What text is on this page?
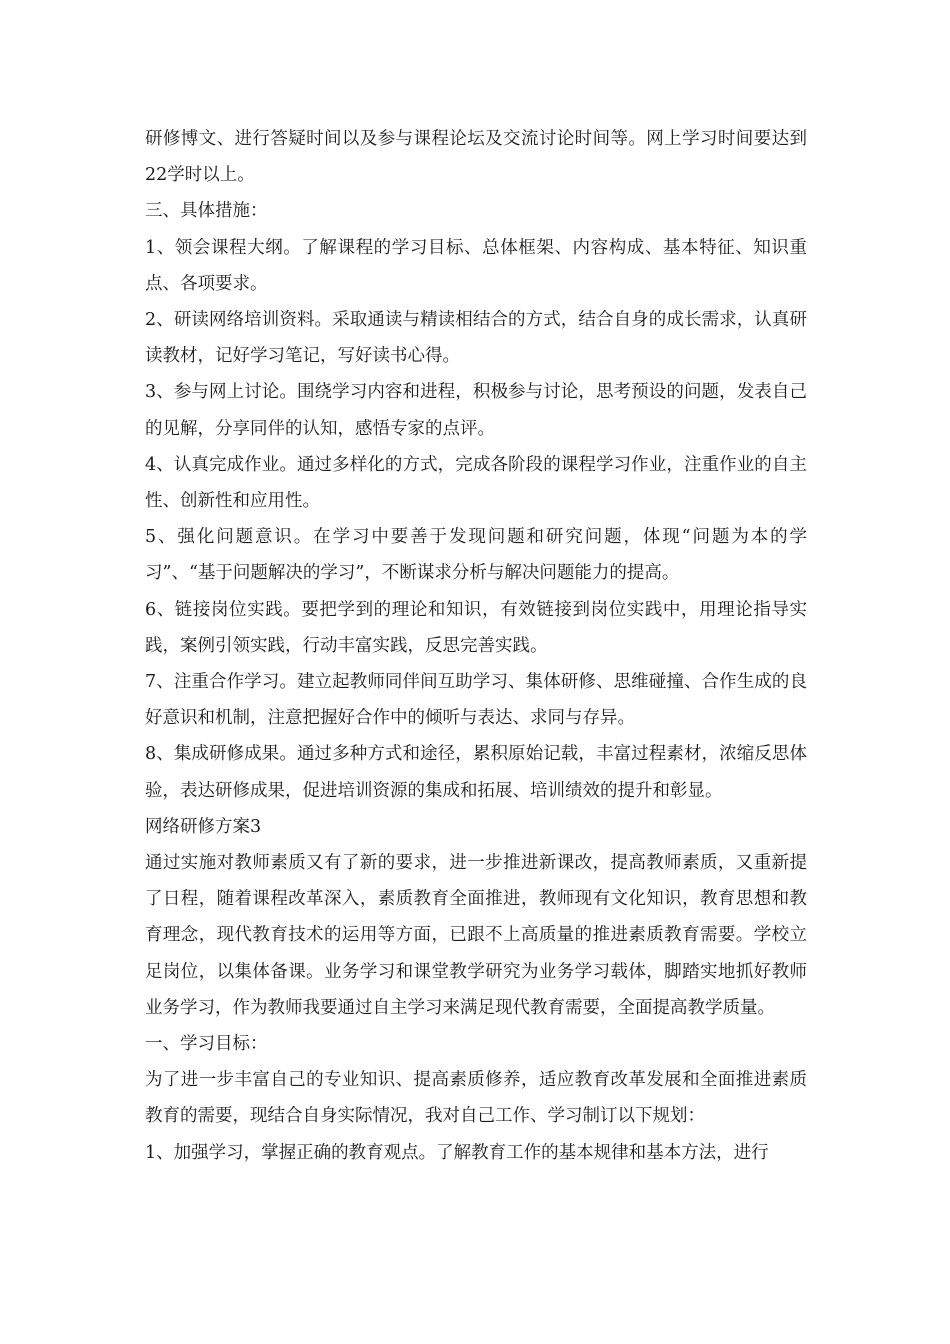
研修博文、进行答疑时间以及参与课程论坛及交流讨论时间等。网上学习时间要达到22学时以上。

三、具体措施：

1、领会课程大纲。了解课程的学习目标、总体框架、内容构成、基本特征、知识重点、各项要求。

2、研读网络培训资料。采取通读与精读相结合的方式，结合自身的成长需求，认真研读教材，记好学习笔记，写好读书心得。

3、参与网上讨论。围绕学习内容和进程，积极参与讨论，思考预设的问题，发表自己的见解，分享同伴的认知，感悟专家的点评。

4、认真完成作业。通过多样化的方式，完成各阶段的课程学习作业，注重作业的自主性、创新性和应用性。

5、强化问题意识。在学习中要善于发现问题和研究问题，体现“问题为本的学习”、“基于问题解决的学习”，不断谋求分析与解决问题能力的提高。

6、链接岗位实践。要把学到的理论和知识，有效链接到岗位实践中，用理论指导实践，案例引领实践，行动丰富实践，反思完善实践。

7、注重合作学习。建立起教师同伴间互助学习、集体研修、思维碰撞、合作生成的良好意识和机制，注意把握好合作中的倾听与表达、求同与存异。

8、集成研修成果。通过多种方式和途径，累积原始记载，丰富过程素材，浓缩反思体验，表达研修成果，促进培训资源的集成和拓展、培训绩效的提升和彰显。

网络研修方案3

通过实施对教师素质又有了新的要求，进一步推进新课改，提高教师素质，又重新提了日程，随着课程改革深入，素质教育全面推进，教师现有文化知识，教育思想和教育理念，现代教育技术的运用等方面，已跟不上高质量的推进素质教育需要。学校立足岗位，以集体备课。业务学习和课堂教学研究为业务学习载体，脚踏实地抓好教师业务学习，作为教师我要通过自主学习来满足现代教育需要，全面提高教学质量。

一、学习目标：

为了进一步丰富自己的专业知识、提高素质修养，适应教育改革发展和全面推进素质教育的需要，现结合自身实际情况，我对自己工作、学习制订以下规划：

1、加强学习，掌握正确的教育观点。了解教育工作的基本规律和基本方法，进行
